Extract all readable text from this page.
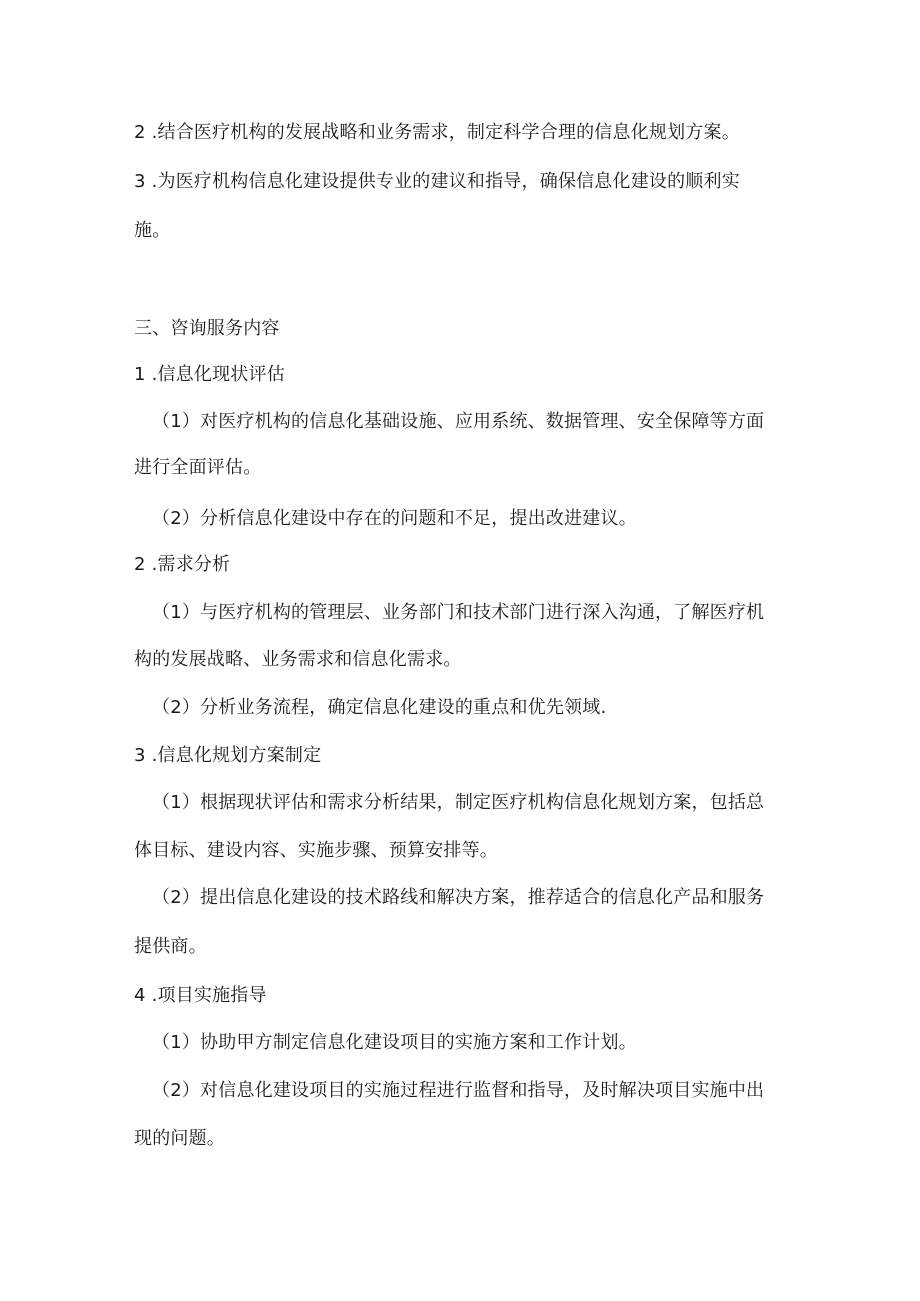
2 .结合医疗机构的发展战略和业务需求，制定科学合理的信息化规划方案。
3 .为医疗机构信息化建设提供专业的建议和指导，确保信息化建设的顺利实
施。
三、咨询服务内容
1 .信息化现状评估
（1）对医疗机构的信息化基础设施、应用系统、数据管理、安全保障等方面
进行全面评估。
（2）分析信息化建设中存在的问题和不足，提出改进建议。
2 .需求分析
（1）与医疗机构的管理层、业务部门和技术部门进行深入沟通，了解医疗机
构的发展战略、业务需求和信息化需求。
（2）分析业务流程，确定信息化建设的重点和优先领域.
3 .信息化规划方案制定
（1）根据现状评估和需求分析结果，制定医疗机构信息化规划方案，包括总
体目标、建设内容、实施步骤、预算安排等。
（2）提出信息化建设的技术路线和解决方案，推荐适合的信息化产品和服务
提供商。
4 .项目实施指导
（1）协助甲方制定信息化建设项目的实施方案和工作计划。
（2）对信息化建设项目的实施过程进行监督和指导，及时解决项目实施中出
现的问题。
